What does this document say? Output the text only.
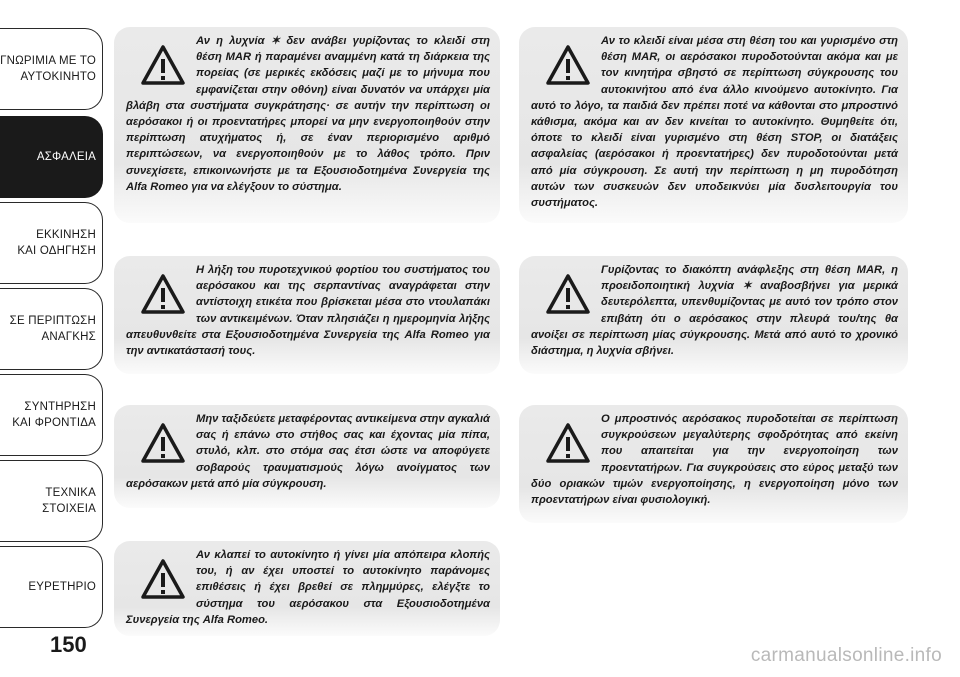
ΓΝΩΡΙΜΙΑ ΜΕ ΤΟ
ΑΥΤΟΚΙΝΗΤΟ
ΑΣΦΑΛΕΙΑ
ΕΚΚΙΝΗΣΗ
ΚΑΙ ΟΔΗΓΗΣΗ
ΣΕ ΠΕΡΙΠΤΩΣΗ
ΑΝΑΓΚΗΣ
ΣΥΝΤΗΡΗΣΗ
ΚΑΙ ΦΡΟΝΤΙΔΑ
ΤΕΧΝΙΚΑ
ΣΤΟΙΧΕΙΑ
ΕΥΡΕΤΗΡΙΟ
150

Αν η λυχνία ✶ δεν ανάβει γυρίζοντας το κλειδί στη θέση MAR ή παραμένει αναμμένη κατά τη διάρκεια της πορείας (σε μερικές εκδόσεις μαζί με το μήνυμα που εμφανίζεται στην οθόνη) είναι δυνατόν να υπάρχει μία βλάβη στα συστήματα συγκράτησης· σε αυτήν την περίπτωση οι αερόσακοι ή οι προεντατήρες μπορεί να μην ενεργοποιηθούν στην περίπτωση ατυχήματος ή, σε έναν περιορισμένο αριθμό περιπτώσεων, να ενεργοποιηθούν με το λάθος τρόπο. Πριν συνεχίσετε, επικοινωνήστε με τα Εξουσιοδοτημένα Συνεργεία της Alfa Romeo για να ελέγξουν το σύστημα.

Η λήξη του πυροτεχνικού φορτίου του συστήματος του αερόσακου και της σερπαντίνας αναγράφεται στην αντίστοιχη ετικέτα που βρίσκεται μέσα στο ντουλαπάκι των αντικειμένων. Όταν πλησιάζει η ημερομηνία λήξης απευθυνθείτε στα Εξουσιοδοτημένα Συνεργεία της Alfa Romeo για την αντικατάστασή τους.

Μην ταξιδεύετε μεταφέροντας αντικείμενα στην αγκαλιά σας ή επάνω στο στήθος σας και έχοντας μία πίπα, στυλό, κλπ. στο στόμα σας έτσι ώστε να αποφύγετε σοβαρούς τραυματισμούς λόγω ανοίγματος των αερόσακων μετά από μία σύγκρουση.

Αν κλαπεί το αυτοκίνητο ή γίνει μία απόπειρα κλοπής του, ή αν έχει υποστεί το αυτοκίνητο παράνομες επιθέσεις ή έχει βρεθεί σε πλημμύρες, ελέγξτε το σύστημα του αερόσακου στα Εξουσιοδοτημένα Συνεργεία της Alfa Romeo.

Αν το κλειδί είναι μέσα στη θέση του και γυρισμένο στη θέση MAR, οι αερόσακοι πυροδοτούνται ακόμα και με τον κινητήρα σβηστό σε περίπτωση σύγκρουσης του αυτοκινήτου από ένα άλλο κινούμενο αυτοκίνητο. Για αυτό το λόγο, τα παιδιά δεν πρέπει ποτέ να κάθονται στο μπροστινό κάθισμα, ακόμα και αν δεν κινείται το αυτοκίνητο. Θυμηθείτε ότι, όποτε το κλειδί είναι γυρισμένο στη θέση STOP, οι διατάξεις ασφαλείας (αερόσακοι ή προεντατήρες) δεν πυροδοτούνται μετά από μία σύγκρουση. Σε αυτή την περίπτωση η μη πυροδότηση αυτών των συσκευών δεν υποδεικνύει μία δυσλειτουργία του συστήματος.

Γυρίζοντας το διακόπτη ανάφλεξης στη θέση MAR, η προειδοποιητική λυχνία ✶ αναβοσβήνει για μερικά δευτερόλεπτα, υπενθυμίζοντας με αυτό τον τρόπο στον επιβάτη ότι ο αερόσακος στην πλευρά του/της θα ανοίξει σε περίπτωση μίας σύγκρουσης. Μετά από αυτό το χρονικό διάστημα, η λυχνία σβήνει.

Ο μπροστινός αερόσακος πυροδοτείται σε περίπτωση συγκρούσεων μεγαλύτερης σφοδρότητας από εκείνη που απαιτείται για την ενεργοποίηση των προεντατήρων. Για συγκρούσεις στο εύρος μεταξύ των δύο οριακών τιμών ενεργοποίησης, η ενεργοποίηση μόνο των προεντατήρων είναι φυσιολογική.

carmanualsonline.info
